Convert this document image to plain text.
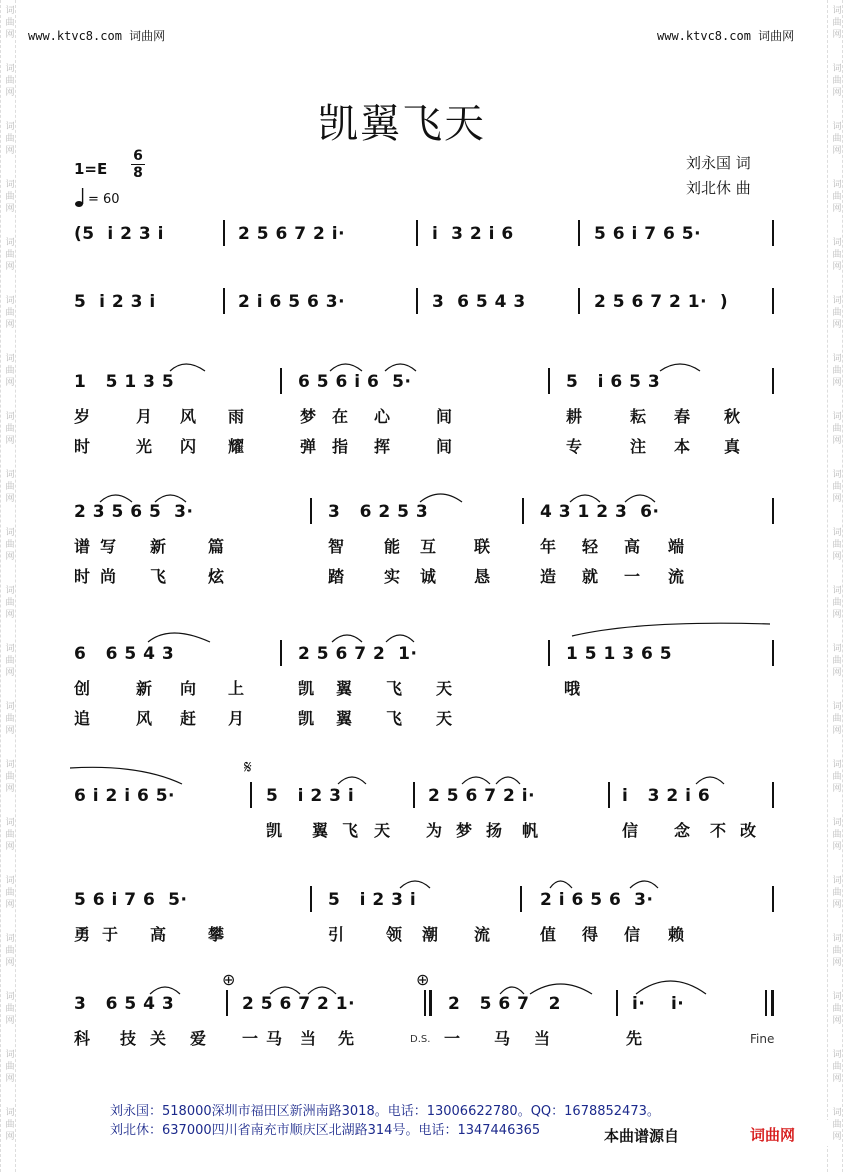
www.ktvc8.com 词曲网	www.ktvc8.com 词曲网
凯翼飞天
1=E
6
8
= 60
刘永国 词
刘北休 曲
(5  i 2 3 i	2 5 6 7 2 i·	i  3 2 i 6	5 6 i 7 6 5·
5  i 2 3 i	2 i 6 5 6 3·	3  6 5 4 3	2 5 6 7 2 1·  )
1   5 1 3 5	6 5 6 i 6  5·	5   i 6 5 3
岁	月 风 雨	梦 在 心	间	耕	耘 春 秋
时	光 闪 耀	弹 指 挥	间	专	注 本 真
2 3 5 6 5  3·	3   6 2 5 3	4 3 1 2 3  6·
谱 写 新	篇	智 能 互 联	年 轻 高 端
时 尚 飞	炫	踏 实 诚 恳	造 就 一 流
6   6 5 4 3	2 5 6 7 2  1·	1 5 1 3 6 5
创	新 向 上	凯 翼 飞 天	哦
追	风 赶 月	凯 翼 飞 天
𝄋
6 i 2 i 6 5·	5   i 2 3 i	2 5 6 7 2 i·	i   3 2 i 6
凯 翼 飞 天 为 梦 扬 帆	信 念 不 改
5 6 i 7 6  5·	5   i 2 3 i	2 i 6 5 6  3·
勇 于 高	攀	引	领 潮 流	值 得 信 赖
⊕	⊕
3   6 5 4 3	2 5 6 7 2 1·	2   5 6 7   2	i·    i·
科 技 关 爱 一 马 当 先	一 马 当	先
D.S.	Fine
刘永国：518000深圳市福田区新洲南路3018。电话：13006622780。QQ：1678852473。
刘北休：637000四川省南充市顺庆区北湖路314号。电话：1347446365	本曲谱源自	词曲网
词
曲
网
词
曲
网
词
曲
网
词
曲
网
词
曲
网
词
曲
网
词
曲
网
词
曲
网
词
曲
网
词
曲
网
词
曲
网
词
曲
网
词
曲
网
词
曲
网
词
曲
网
词
曲
网
词
曲
网
词
曲
网
词
曲
网
词
曲
网
词
曲
网
词
曲
网
词
曲
网
词
曲
网
词
曲
网
词
曲
网
词
曲
网
词
曲
网
词
曲
网
词
曲
网
词
曲
网
词
曲
网
词
曲
网
词
曲
网
词
曲
网
词
曲
网
词
曲
网
词
曲
网
词
曲
网
词
曲
网
